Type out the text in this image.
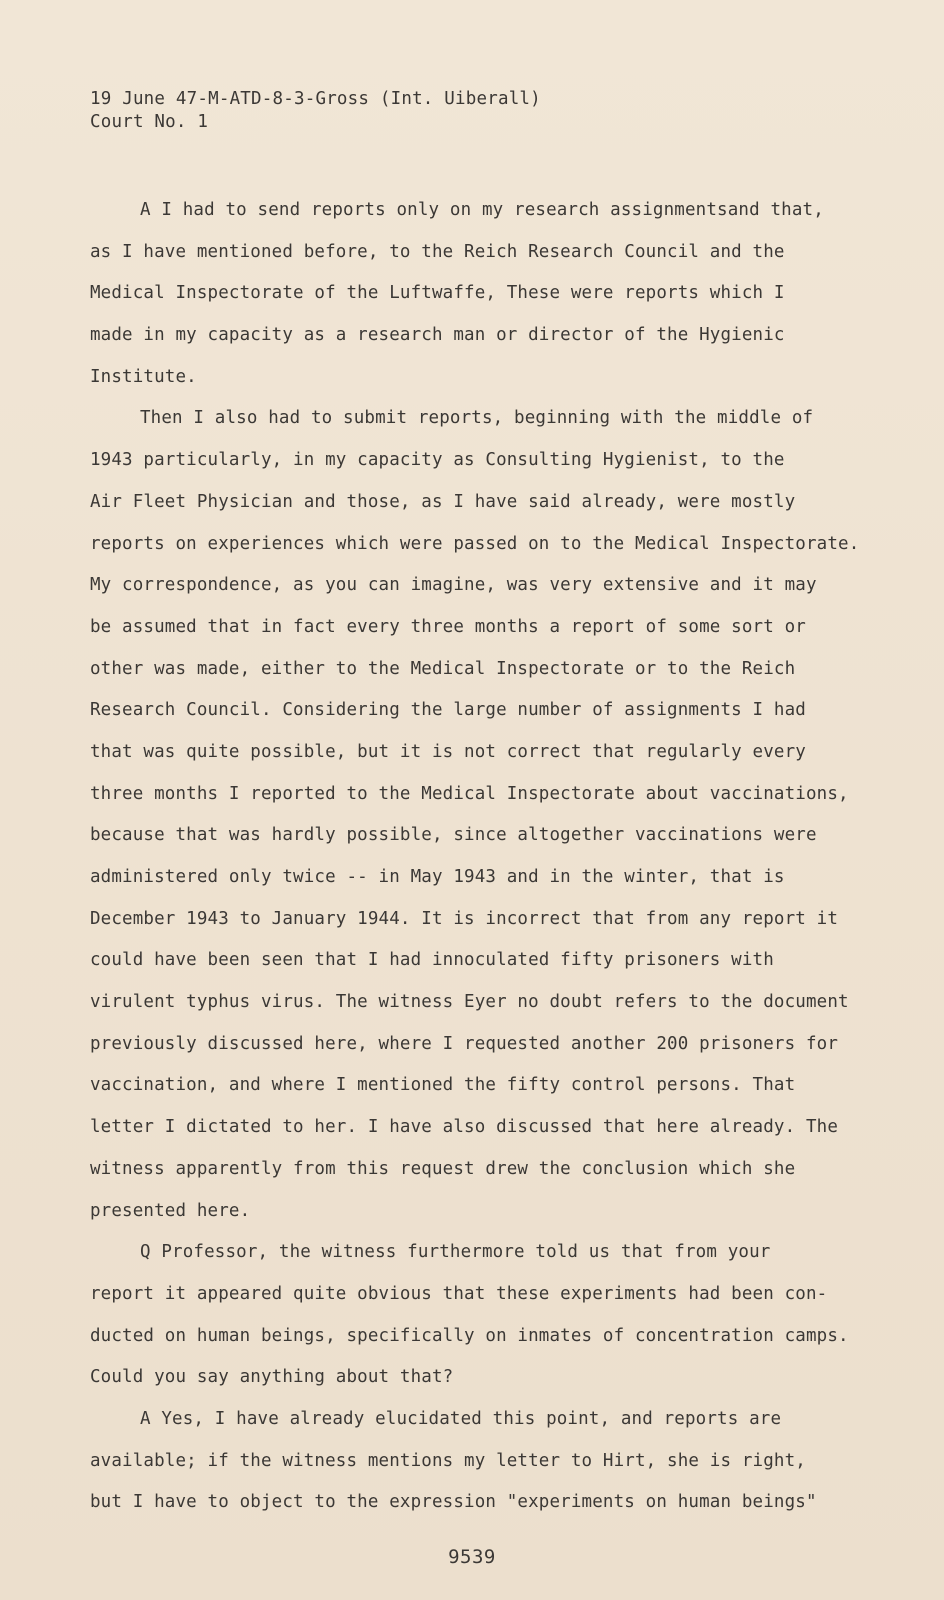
19 June 47-M-ATD-8-3-Gross (Int. Uiberall)
Court No. 1
A I had to send reports only on my research assignmentsand that,
as I have mentioned before, to the Reich Research Council and the
Medical Inspectorate of the Luftwaffe, These were reports which I
made in my capacity as a research man or director of the Hygienic
Institute.
Then I also had to submit reports, beginning with the middle of
1943 particularly, in my capacity as Consulting Hygienist, to the
Air Fleet Physician and those, as I have said already, were mostly
reports on experiences which were passed on to the Medical Inspectorate.
My correspondence, as you can imagine, was very extensive and it may
be assumed that in fact every three months a report of some sort or
other was made, either to the Medical Inspectorate or to the Reich
Research Council. Considering the large number of assignments I had
that was quite possible, but it is not correct that regularly every
three months I reported to the Medical Inspectorate about vaccinations,
because that was hardly possible, since altogether vaccinations were
administered only twice -- in May 1943 and in the winter, that is
December 1943 to January 1944. It is incorrect that from any report it
could have been seen that I had innoculated fifty prisoners with
virulent typhus virus. The witness Eyer no doubt refers to the document
previously discussed here, where I requested another 200 prisoners for
vaccination, and where I mentioned the fifty control persons. That
letter I dictated to her. I have also discussed that here already. The
witness apparently from this request drew the conclusion which she
presented here.
Q Professor, the witness furthermore told us that from your
report it appeared quite obvious that these experiments had been con-
ducted on human beings, specifically on inmates of concentration camps.
Could you say anything about that?
A Yes, I have already elucidated this point, and reports are
available; if the witness mentions my letter to Hirt, she is right,
but I have to object to the expression "experiments on human beings"
9539
